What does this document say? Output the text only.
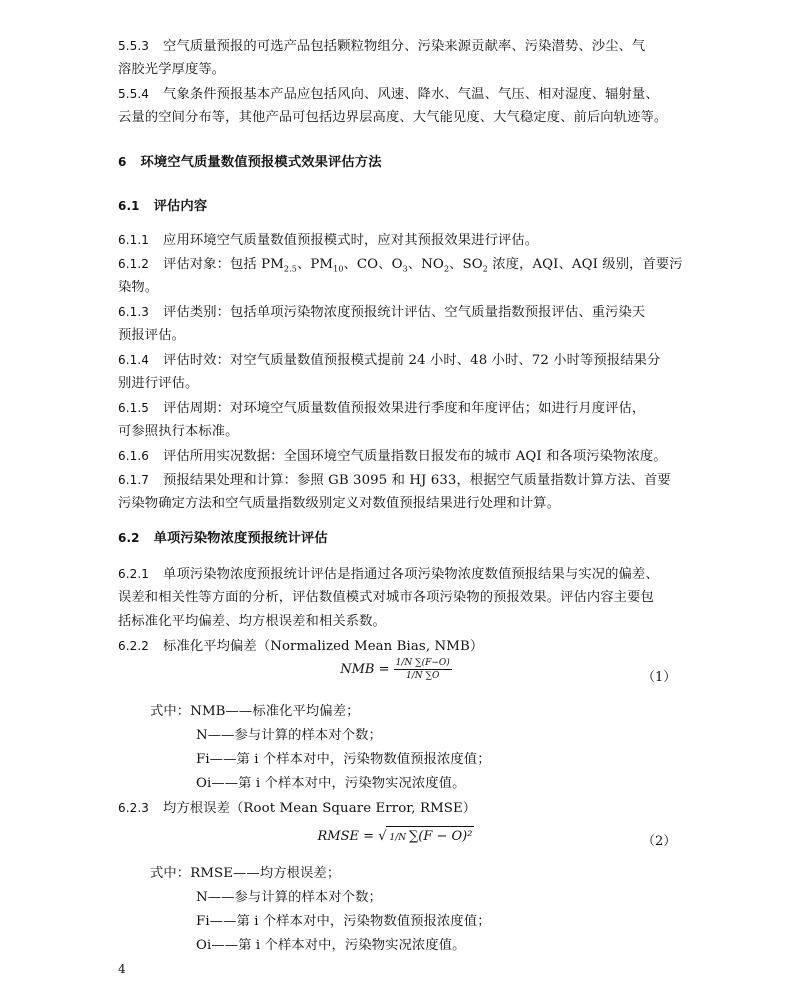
5.5.3 空气质量预报的可选产品包括颗粒物组分、污染来源贡献率、污染潜势、沙尘、气
溶胶光学厚度等。
5.5.4 气象条件预报基本产品应包括风向、风速、降水、气温、气压、相对湿度、辐射量、
云量的空间分布等，其他产品可包括边界层高度、大气能见度、大气稳定度、前后向轨迹等。
6 环境空气质量数值预报模式效果评估方法
6.1 评估内容
6.1.1 应用环境空气质量数值预报模式时，应对其预报效果进行评估。
6.1.2 评估对象：包括 $PM_{2.5}$、$PM_{10}$、CO、$O_3$、$NO_2$、$SO_2$ 浓度，AQI、AQI 级别，首要污
染物。
6.1.3 评估类别：包括单项污染物浓度预报统计评估、空气质量指数预报评估、重污染天
预报评估。
6.1.4 评估时效：对空气质量数值预报模式提前 24 小时、48 小时、72 小时等预报结果分
别进行评估。
6.1.5 评估周期：对环境空气质量数值预报效果进行季度和年度评估；如进行月度评估，
可参照执行本标准。
6.1.6 评估所用实况数据：全国环境空气质量指数日报发布的城市 AQI 和各项污染物浓度。
6.1.7 预报结果处理和计算：参照 GB 3095 和 HJ 633，根据空气质量指数计算方法、首要
污染物确定方法和空气质量指数级别定义对数值预报结果进行处理和计算。
6.2 单项污染物浓度预报统计评估
6.2.1 单项污染物浓度预报统计评估是指通过各项污染物浓度数值预报结果与实况的偏差、
误差和相关性等方面的分析，评估数值模式对城市各项污染物的预报效果。评估内容主要包
括标准化平均偏差、均方根误差和相关系数。
6.2.2 标准化平均偏差（Normalized Mean Bias, NMB）
NMB = $\frac{1/N \sum(F-O)}{1/N \sum O}$	（1）
式中：NMB——标准化平均偏差；
N——参与计算的样本对个数；
Fi——第 i 个样本对中，污染物数值预报浓度值；
Oi——第 i 个样本对中，污染物实况浓度值。
6.2.3 均方根误差（Root Mean Square Error, RMSE）
RMSE = √ 1/N ∑(F − O)²	（2）
式中：RMSE——均方根误差；
N——参与计算的样本对个数；
Fi——第 i 个样本对中，污染物数值预报浓度值；
Oi——第 i 个样本对中，污染物实况浓度值。
4
